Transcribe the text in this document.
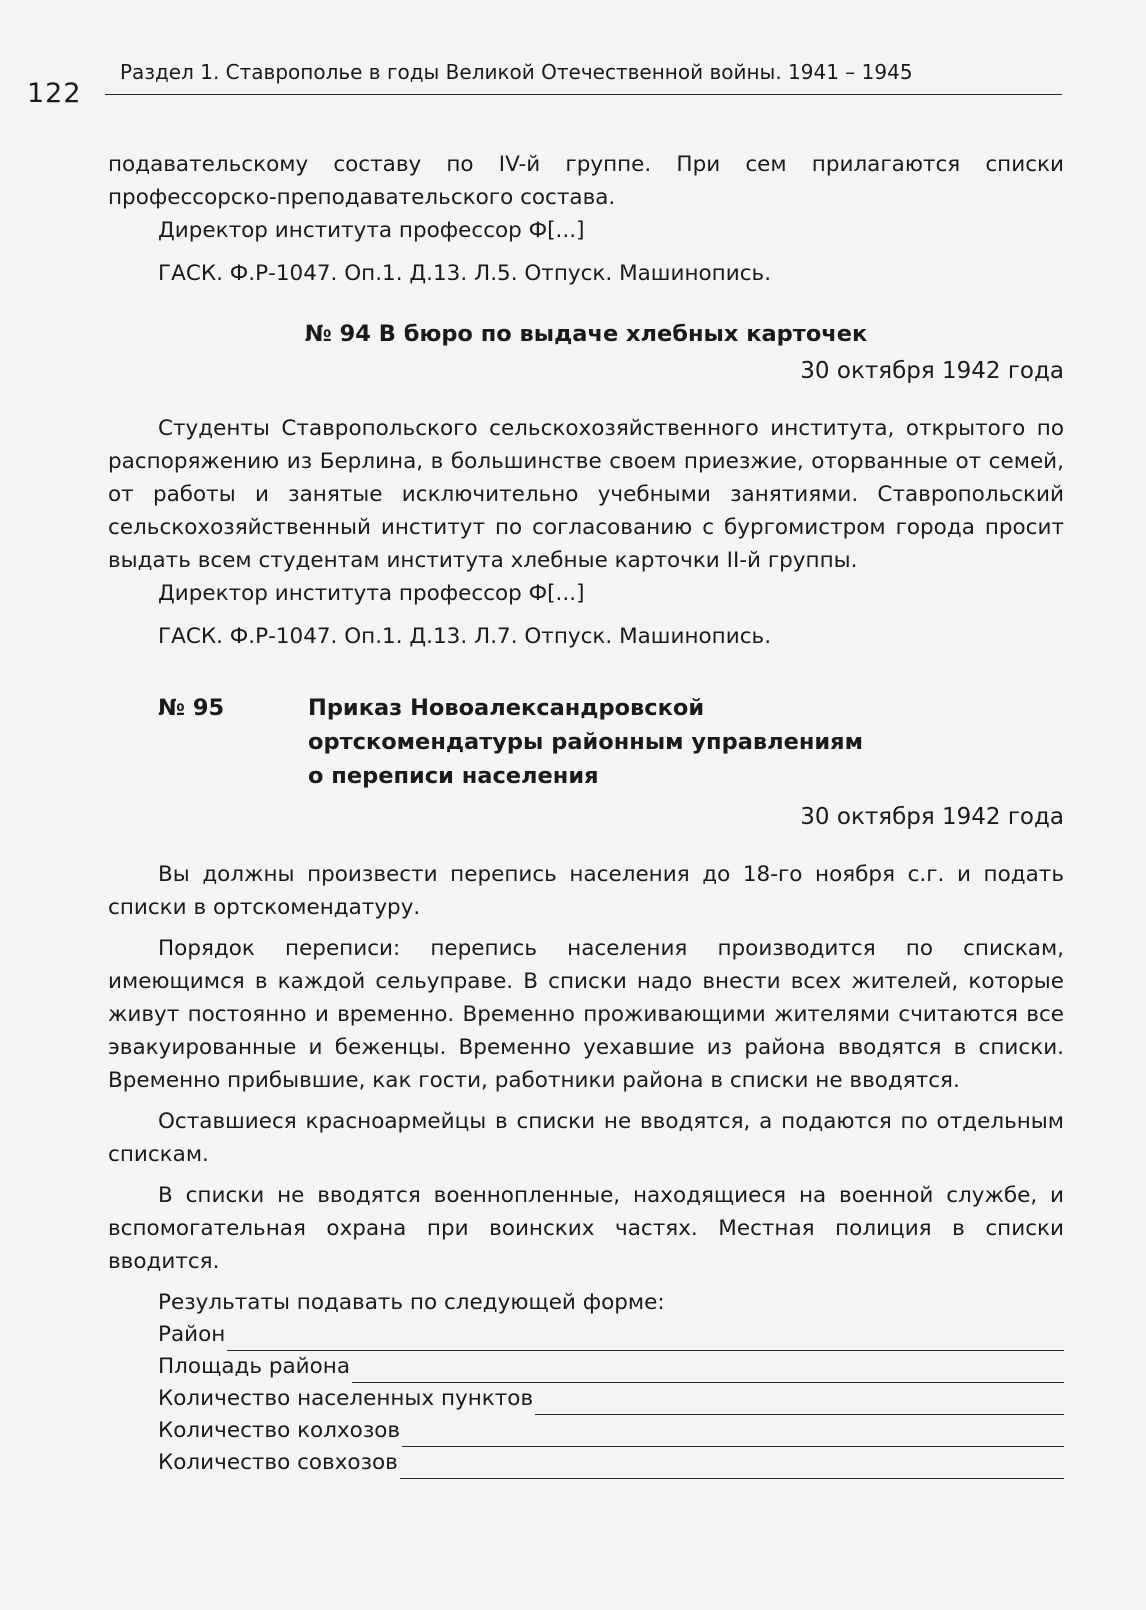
122
Раздел 1. Ставрополье в годы Великой Отечественной войны. 1941 – 1945

подавательскому составу по IV-й группе. При сем прилагаются списки профессорско-преподавательского состава.

Директор института профессор Ф[...]

ГАСК. Ф.Р-1047. Оп.1. Д.13. Л.5. Отпуск. Машинопись.

№ 94 В бюро по выдаче хлебных карточек
30 октября 1942 года

Студенты Ставропольского сельскохозяйственного института, открытого по распоряжению из Берлина, в большинстве своем приезжие, оторванные от семей, от работы и занятые исключительно учебными занятиями. Ставропольский сельскохозяйственный институт по согласованию с бургомистром города просит выдать всем студентам института хлебные карточки II-й группы.

Директор института профессор Ф[...]

ГАСК. Ф.Р-1047. Оп.1. Д.13. Л.7. Отпуск. Машинопись.

№ 95	Приказ Новоалександровской
ортскомендатуры районным управлениям
о переписи населения
30 октября 1942 года

Вы должны произвести перепись населения до 18-го ноября с.г. и подать списки в ортскомендатуру.

Порядок переписи: перепись населения производится по спискам, имеющимся в каждой сельуправе. В списки надо внести всех жителей, которые живут постоянно и временно. Временно проживающими жителями считаются все эвакуированные и беженцы. Временно уехавшие из района вводятся в списки. Временно прибывшие, как гости, работники района в списки не вводятся.

Оставшиеся красноармейцы в списки не вводятся, а подаются по отдельным спискам.

В списки не вводятся военнопленные, находящиеся на военной службе, и вспомогательная охрана при воинских частях. Местная полиция в списки вводится.

Результаты подавать по следующей форме:

Район
Площадь района
Количество населенных пунктов
Количество колхозов
Количество совхозов
